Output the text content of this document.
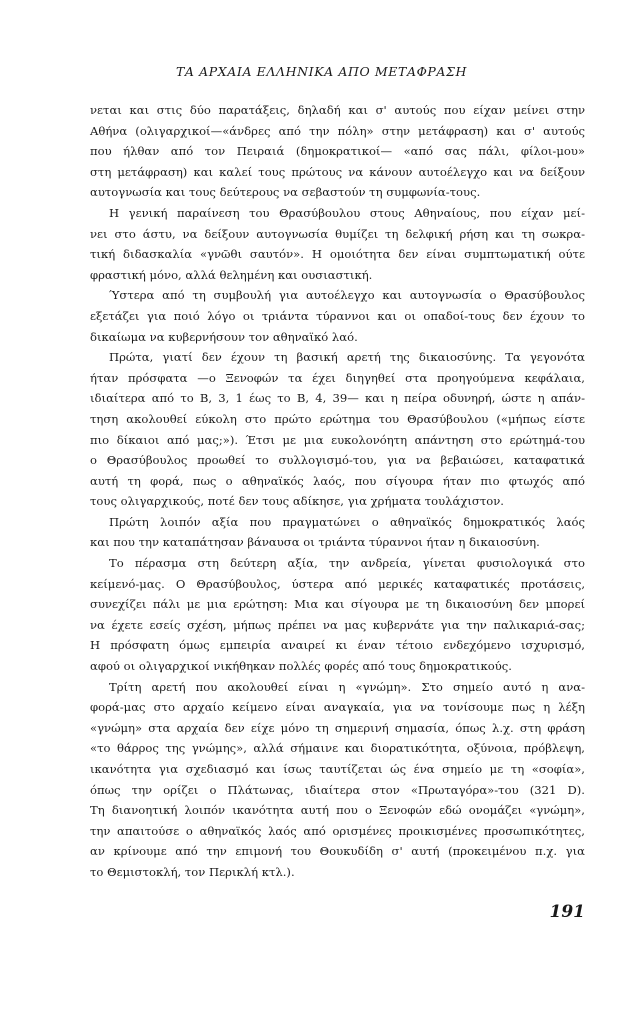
ΤΑ ΑΡΧΑΙΑ ΕΛΛΗΝΙΚΑ ΑΠΟ ΜΕΤΑΦΡΑΣΗ
νεται και στις δύο παρατάξεις, δηλαδή και σ' αυτούς που είχαν μείνει στην
Αθήνα (ολιγαρχικοί—«άνδρες από την πόλη» στην μετάφραση) και σ' αυτούς
που ήλθαν από τον Πειραιά (δημοκρατικοί— «από σας πάλι, φίλοι-μου»
στη μετάφραση) και καλεί τους πρώτους να κάνουν αυτοέλεγχο και να δείξουν
αυτογνωσία και τους δεύτερους να σεβαστούν τη συμφωνία-τους.
Η γενική παραίνεση του Θρασύβουλου στους Αθηναίους, που είχαν μεί-
νει στο άστυ, να δείξουν αυτογνωσία θυμίζει τη δελφική ρήση και τη σωκρα-
τική διδασκαλία «γνῶθι σαυτόν». Η ομοιότητα δεν είναι συμπτωματική ούτε
φραστική μόνο, αλλά θελημένη και ουσιαστική.
Ύστερα από τη συμβουλή για αυτοέλεγχο και αυτογνωσία ο Θρασύβουλος
εξετάζει για ποιό λόγο οι τριάντα τύραννοι και οι οπαδοί-τους δεν έχουν το
δικαίωμα να κυβερνήσουν τον αθηναϊκό λαό.
Πρώτα, γιατί δεν έχουν τη βασική αρετή της δικαιοσύνης. Τα γεγονότα
ήταν πρόσφατα —ο Ξενοφών τα έχει διηγηθεί στα προηγούμενα κεφάλαια,
ιδιαίτερα από το Β, 3, 1 έως το Β, 4, 39— και η πείρα οδυνηρή, ώστε η απάν-
τηση ακολουθεί εύκολη στο πρώτο ερώτημα του Θρασύβουλου («μήπως είστε
πιο δίκαιοι από μας;»). Έτσι με μια ευκολονόητη απάντηση στο ερώτημά-του
ο Θρασύβουλος προωθεί το συλλογισμό-του, για να βεβαιώσει, καταφατικά
αυτή τη φορά, πως ο αθηναϊκός λαός, που σίγουρα ήταν πιο φτωχός από
τους ολιγαρχικούς, ποτέ δεν τους αδίκησε, για χρήματα τουλάχιστον.
Πρώτη λοιπόν αξία που πραγματώνει ο αθηναϊκός δημοκρατικός λαός
και που την καταπάτησαν βάναυσα οι τριάντα τύραννοι ήταν η δικαιοσύνη.
Το πέρασμα στη δεύτερη αξία, την ανδρεία, γίνεται φυσιολογικά στο
κείμενό-μας. Ο Θρασύβουλος, ύστερα από μερικές καταφατικές προτάσεις,
συνεχίζει πάλι με μια ερώτηση: Μια και σίγουρα με τη δικαιοσύνη δεν μπορεί
να έχετε εσείς σχέση, μήπως πρέπει να μας κυβερνάτε για την παλικαριά-σας;
Η πρόσφατη όμως εμπειρία αναιρεί κι έναν τέτοιο ενδεχόμενο ισχυρισμό,
αφού οι ολιγαρχικοί νικήθηκαν πολλές φορές από τους δημοκρατικούς.
Τρίτη αρετή που ακολουθεί είναι η «γνώμη». Στο σημείο αυτό η ανα-
φορά-μας στο αρχαίο κείμενο είναι αναγκαία, για να τονίσουμε πως η λέξη
«γνώμη» στα αρχαία δεν είχε μόνο τη σημερινή σημασία, όπως λ.χ. στη φράση
«το θάρρος της γνώμης», αλλά σήμαινε και διορατικότητα, οξύνοια, πρόβλεψη,
ικανότητα για σχεδιασμό και ίσως ταυτίζεται ώς ένα σημείο με τη «σοφία»,
όπως την ορίζει ο Πλάτωνας, ιδιαίτερα στον «Πρωταγόρα»-του (321 D).
Τη διανοητική λοιπόν ικανότητα αυτή που ο Ξενοφών εδώ ονομάζει «γνώμη»,
την απαιτούσε ο αθηναϊκός λαός από ορισμένες προικισμένες προσωπικότητες,
αν κρίνουμε από την επιμονή του Θουκυδίδη σ' αυτή (προκειμένου π.χ. για
το Θεμιστοκλή, τον Περικλή κτλ.).
191
